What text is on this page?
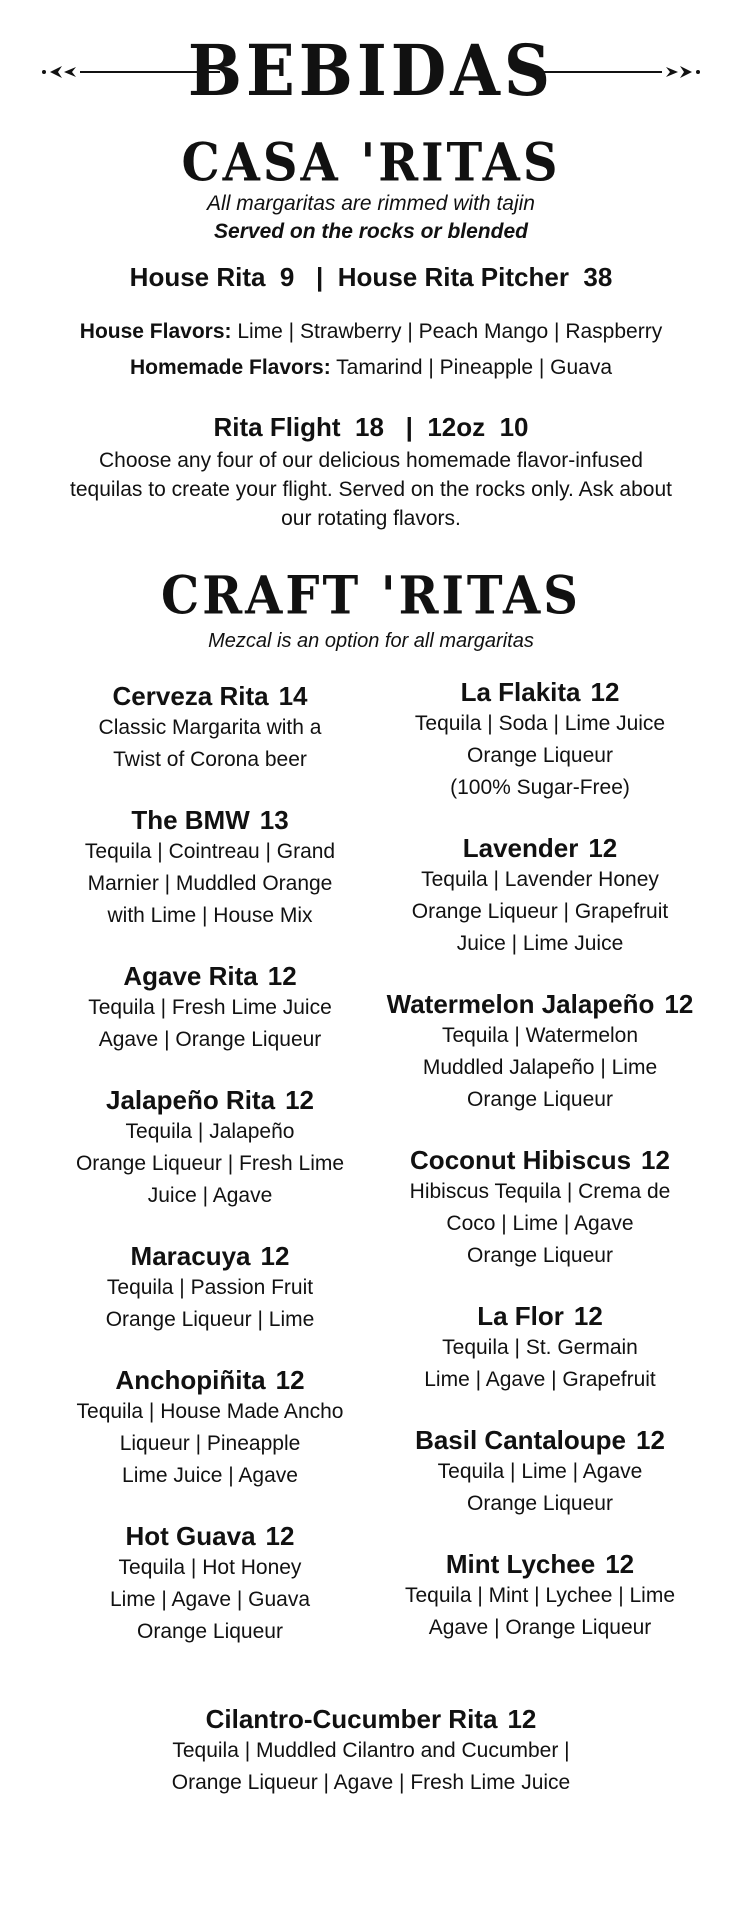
BEBIDAS
CASA 'RITAS
All margaritas are rimmed with tajin
Served on the rocks or blended
House Rita  9   |  House Rita Pitcher  38
House Flavors: Lime | Strawberry | Peach Mango | Raspberry
Homemade Flavors: Tamarind | Pineapple | Guava
Rita Flight  18   |  12oz  10
Choose any four of our delicious homemade flavor-infused tequilas to create your flight. Served on the rocks only. Ask about our rotating flavors.
CRAFT 'RITAS
Mezcal is an option for all margaritas
Cerveza Rita 14
Classic Margarita with a
Twist of Corona beer
The BMW 13
Tequila | Cointreau | Grand
Marnier | Muddled Orange
with Lime | House Mix
Agave Rita 12
Tequila | Fresh Lime Juice
Agave | Orange Liqueur
Jalapeño Rita 12
Tequila | Jalapeño
Orange Liqueur | Fresh Lime
Juice | Agave
Maracuya 12
Tequila | Passion Fruit
Orange Liqueur | Lime
Anchopiñita 12
Tequila | House Made Ancho
Liqueur | Pineapple
Lime Juice | Agave
Hot Guava 12
Tequila | Hot Honey
Lime | Agave | Guava
Orange Liqueur
La Flakita 12
Tequila | Soda | Lime Juice
Orange Liqueur
(100% Sugar-Free)
Lavender 12
Tequila | Lavender Honey
Orange Liqueur | Grapefruit
Juice | Lime Juice
Watermelon Jalapeño 12
Tequila | Watermelon
Muddled Jalapeño | Lime
Orange Liqueur
Coconut Hibiscus 12
Hibiscus Tequila | Crema de
Coco | Lime | Agave
Orange Liqueur
La Flor 12
Tequila | St. Germain
Lime | Agave | Grapefruit
Basil Cantaloupe 12
Tequila | Lime | Agave
Orange Liqueur
Mint Lychee 12
Tequila | Mint | Lychee | Lime
Agave | Orange Liqueur
Cilantro-Cucumber Rita 12
Tequila | Muddled Cilantro and Cucumber |
Orange Liqueur | Agave | Fresh Lime Juice
